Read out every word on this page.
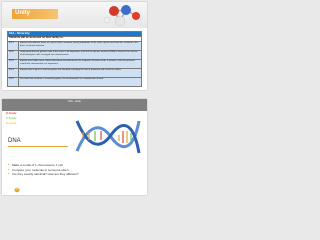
Unity
10A - Diversity	
Students will be assessed on their ability to:	
10.1	Explain how different forms of a gene lead to variation among individuals of the same species and how this variation is the basis of natural selection.
10.2	Understand that the genetic code is the same in all organisms, and that the genetic material (DNA) is found in the nucleus of all eukaryotic cells, arranged into chromosomes.
10.3	Explain how DNA carries coded information that determines the sequence of amino acids in proteins, and how proteins control the characteristics of organisms.
10.4	Explain what a gene is and how genes are inherited, including the role of dominant and recessive alleles.
10.5	Describe how variation is caused by genes, the environment, or a combination of both.
10A - Unity
D Grade: Identify genes and chromosomes
C Grade: Be able to relate DNA structure to its function
B Grade: Explain how DNA codes for proteins
DNA
▸ Make a model of 1 chromosome 1 cell
▸ Compare your molecule to someone else's
▸ Are they exactly identical? How are they different?
